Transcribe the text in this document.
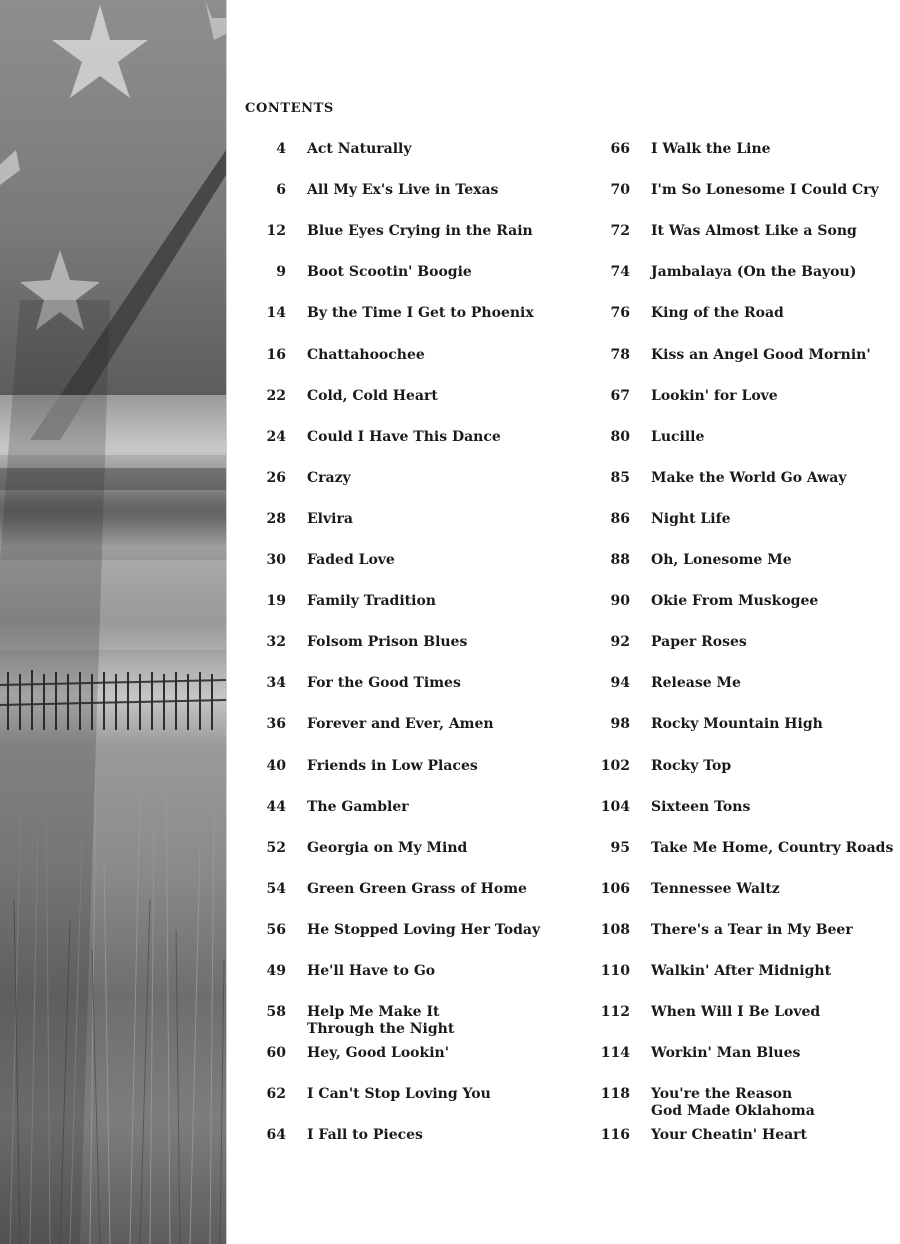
CONTENTS
4 Act Naturally
6 All My Ex's Live in Texas
12 Blue Eyes Crying in the Rain
9 Boot Scootin' Boogie
14 By the Time I Get to Phoenix
16 Chattahoochee
22 Cold, Cold Heart
24 Could I Have This Dance
26 Crazy
28 Elvira
30 Faded Love
19 Family Tradition
32 Folsom Prison Blues
34 For the Good Times
36 Forever and Ever, Amen
40 Friends in Low Places
44 The Gambler
52 Georgia on My Mind
54 Green Green Grass of Home
56 He Stopped Loving Her Today
49 He'll Have to Go
58 Help Me Make It
Through the Night
60 Hey, Good Lookin'
62 I Can't Stop Loving You
64 I Fall to Pieces
66 I Walk the Line
70 I'm So Lonesome I Could Cry
72 It Was Almost Like a Song
74 Jambalaya (On the Bayou)
76 King of the Road
78 Kiss an Angel Good Mornin'
67 Lookin' for Love
80 Lucille
85 Make the World Go Away
86 Night Life
88 Oh, Lonesome Me
90 Okie From Muskogee
92 Paper Roses
94 Release Me
98 Rocky Mountain High
102 Rocky Top
104 Sixteen Tons
95 Take Me Home, Country Roads
106 Tennessee Waltz
108 There's a Tear in My Beer
110 Walkin' After Midnight
112 When Will I Be Loved
114 Workin' Man Blues
118 You're the Reason
God Made Oklahoma
116 Your Cheatin' Heart
